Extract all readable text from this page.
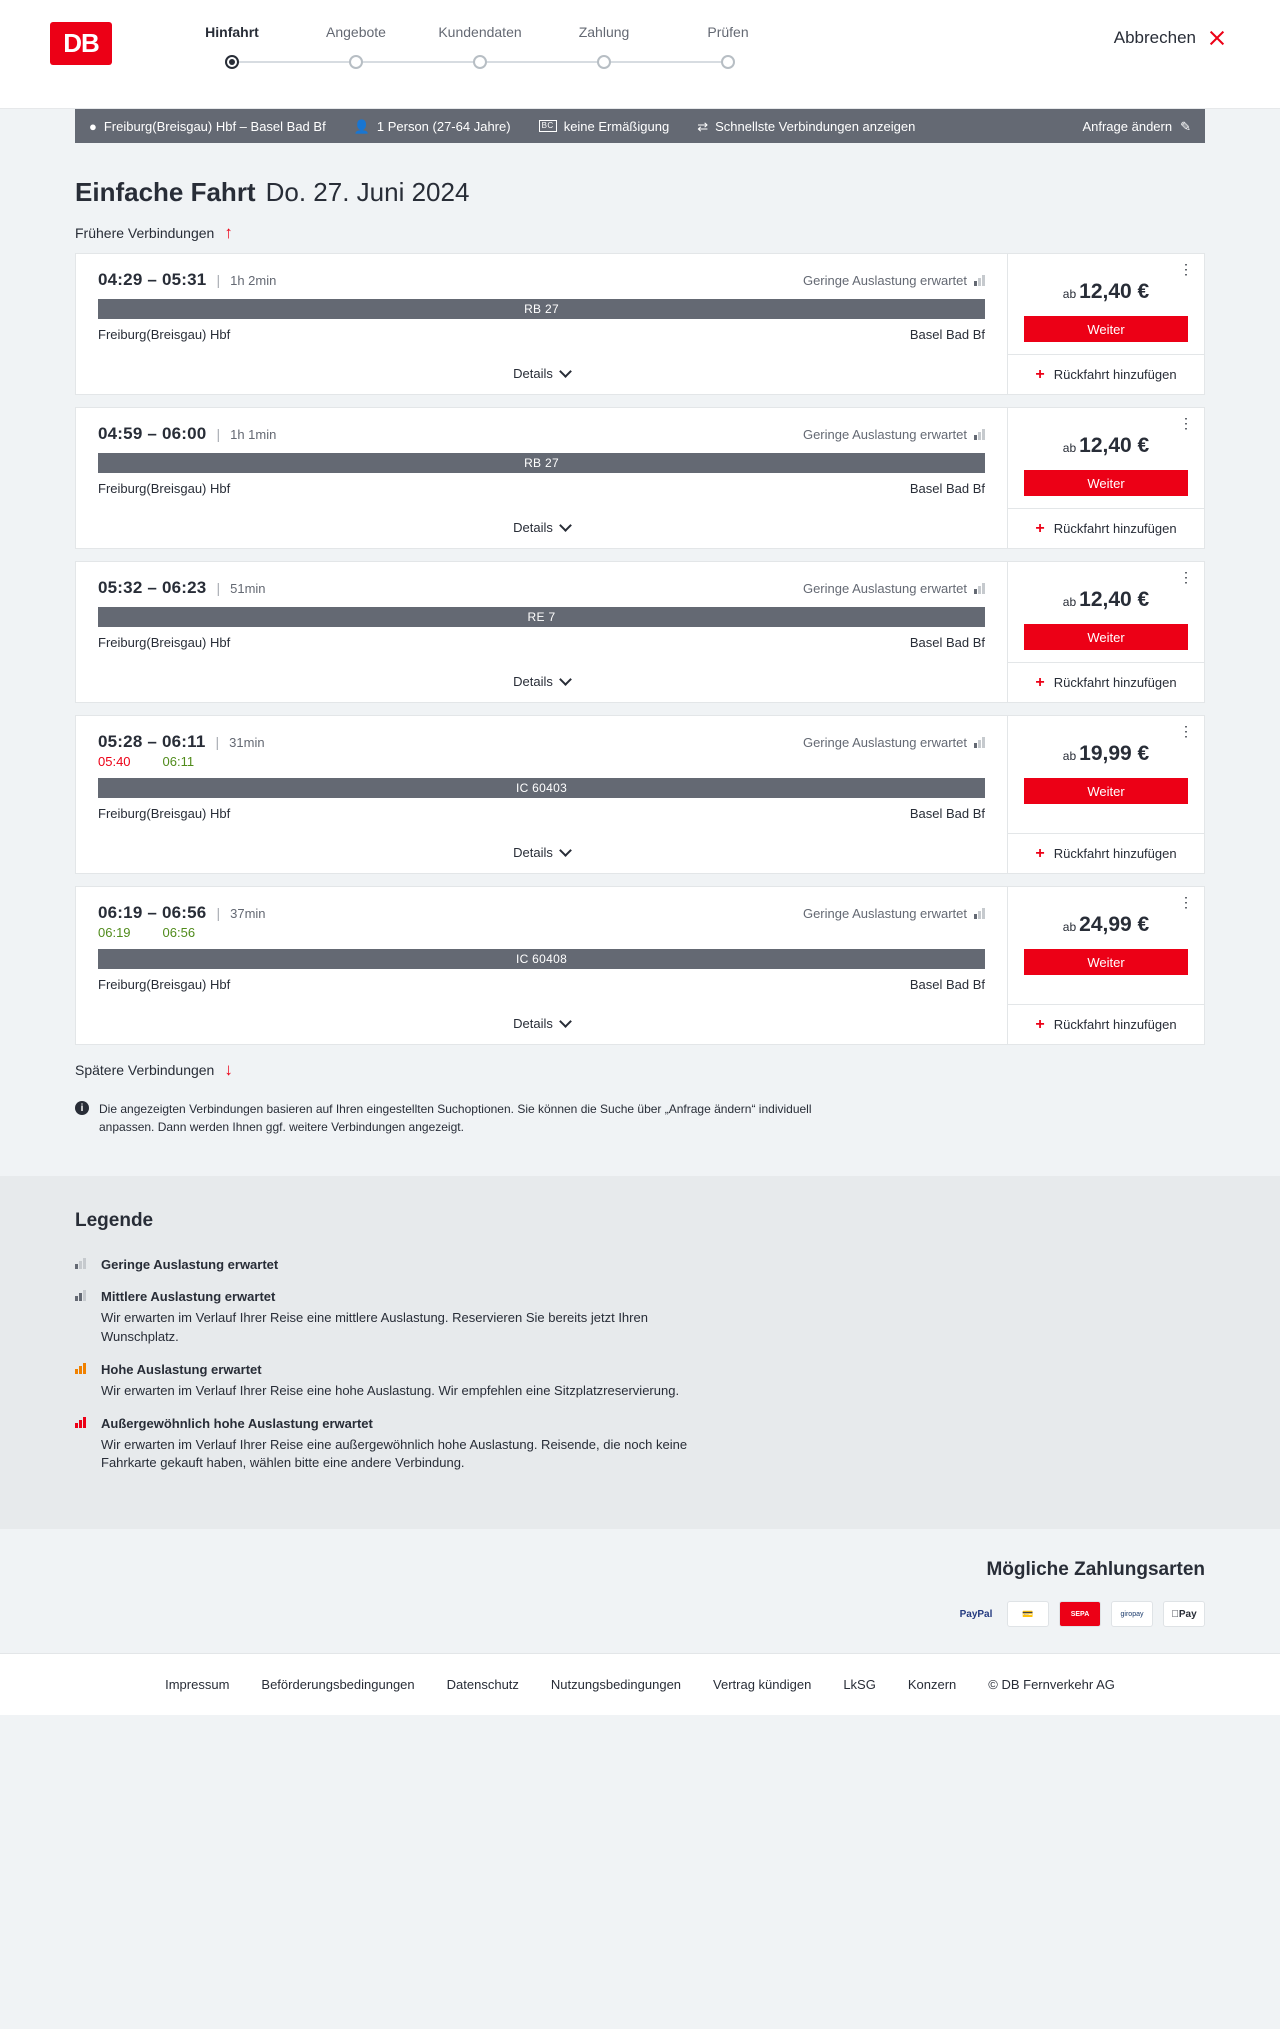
DB	Hinfahrt	Angebote	Kundendaten	Zahlung	Prüfen	Abbrechen
● Freiburg(Breisgau) Hbf – Basel Bad Bf 👤 1 Person (27-64 Jahre)	BC keine Ermäßigung ⇄ Schnellste Verbindungen anzeigen	Anfrage ändern ✎
Einfache Fahrt Do. 27. Juni 2024
Frühere Verbindungen ↑
04:29 – 05:31 | 1h 2min	Geringe Auslastung erwartet
RB 27
Freiburg(Breisgau) Hbf	Basel Bad Bf
Details
⋮
ab 12,40 €
Weiter
+ Rückfahrt hinzufügen
04:59 – 06:00 | 1h 1min	Geringe Auslastung erwartet
RB 27
Freiburg(Breisgau) Hbf	Basel Bad Bf
Details
⋮
ab 12,40 €
Weiter
+ Rückfahrt hinzufügen
05:32 – 06:23 | 51min	Geringe Auslastung erwartet
RE 7
Freiburg(Breisgau) Hbf	Basel Bad Bf
Details
⋮
ab 12,40 €
Weiter
+ Rückfahrt hinzufügen
05:28 – 06:11 | 31min	Geringe Auslastung erwartet
05:40 06:11
IC 60403
Freiburg(Breisgau) Hbf	Basel Bad Bf
Details
⋮
ab 19,99 €
Weiter
+ Rückfahrt hinzufügen
06:19 – 06:56 | 37min	Geringe Auslastung erwartet
06:19 06:56
IC 60408
Freiburg(Breisgau) Hbf	Basel Bad Bf
Details
⋮
ab 24,99 €
Weiter
+ Rückfahrt hinzufügen
Spätere Verbindungen ↓
i	Die angezeigten Verbindungen basieren auf Ihren eingestellten Suchoptionen. Sie können die Suche über „Anfrage ändern“ individuell anpassen. Dann werden Ihnen ggf. weitere Verbindungen angezeigt.
Legende
Geringe Auslastung erwartet
Mittlere Auslastung erwartet
Wir erwarten im Verlauf Ihrer Reise eine mittlere Auslastung. Reservieren Sie bereits jetzt Ihren Wunschplatz.
Hohe Auslastung erwartet
Wir erwarten im Verlauf Ihrer Reise eine hohe Auslastung. Wir empfehlen eine Sitzplatzreservierung.
Außergewöhnlich hohe Auslastung erwartet
Wir erwarten im Verlauf Ihrer Reise eine außergewöhnlich hohe Auslastung. Reisende, die noch keine Fahrkarte gekauft haben, wählen bitte eine andere Verbindung.
Mögliche Zahlungsarten
PayPal	💳	SEPA	giropay	Pay
Impressum Beförderungsbedingungen Datenschutz Nutzungsbedingungen Vertrag kündigen LkSG Konzern © DB Fernverkehr AG
